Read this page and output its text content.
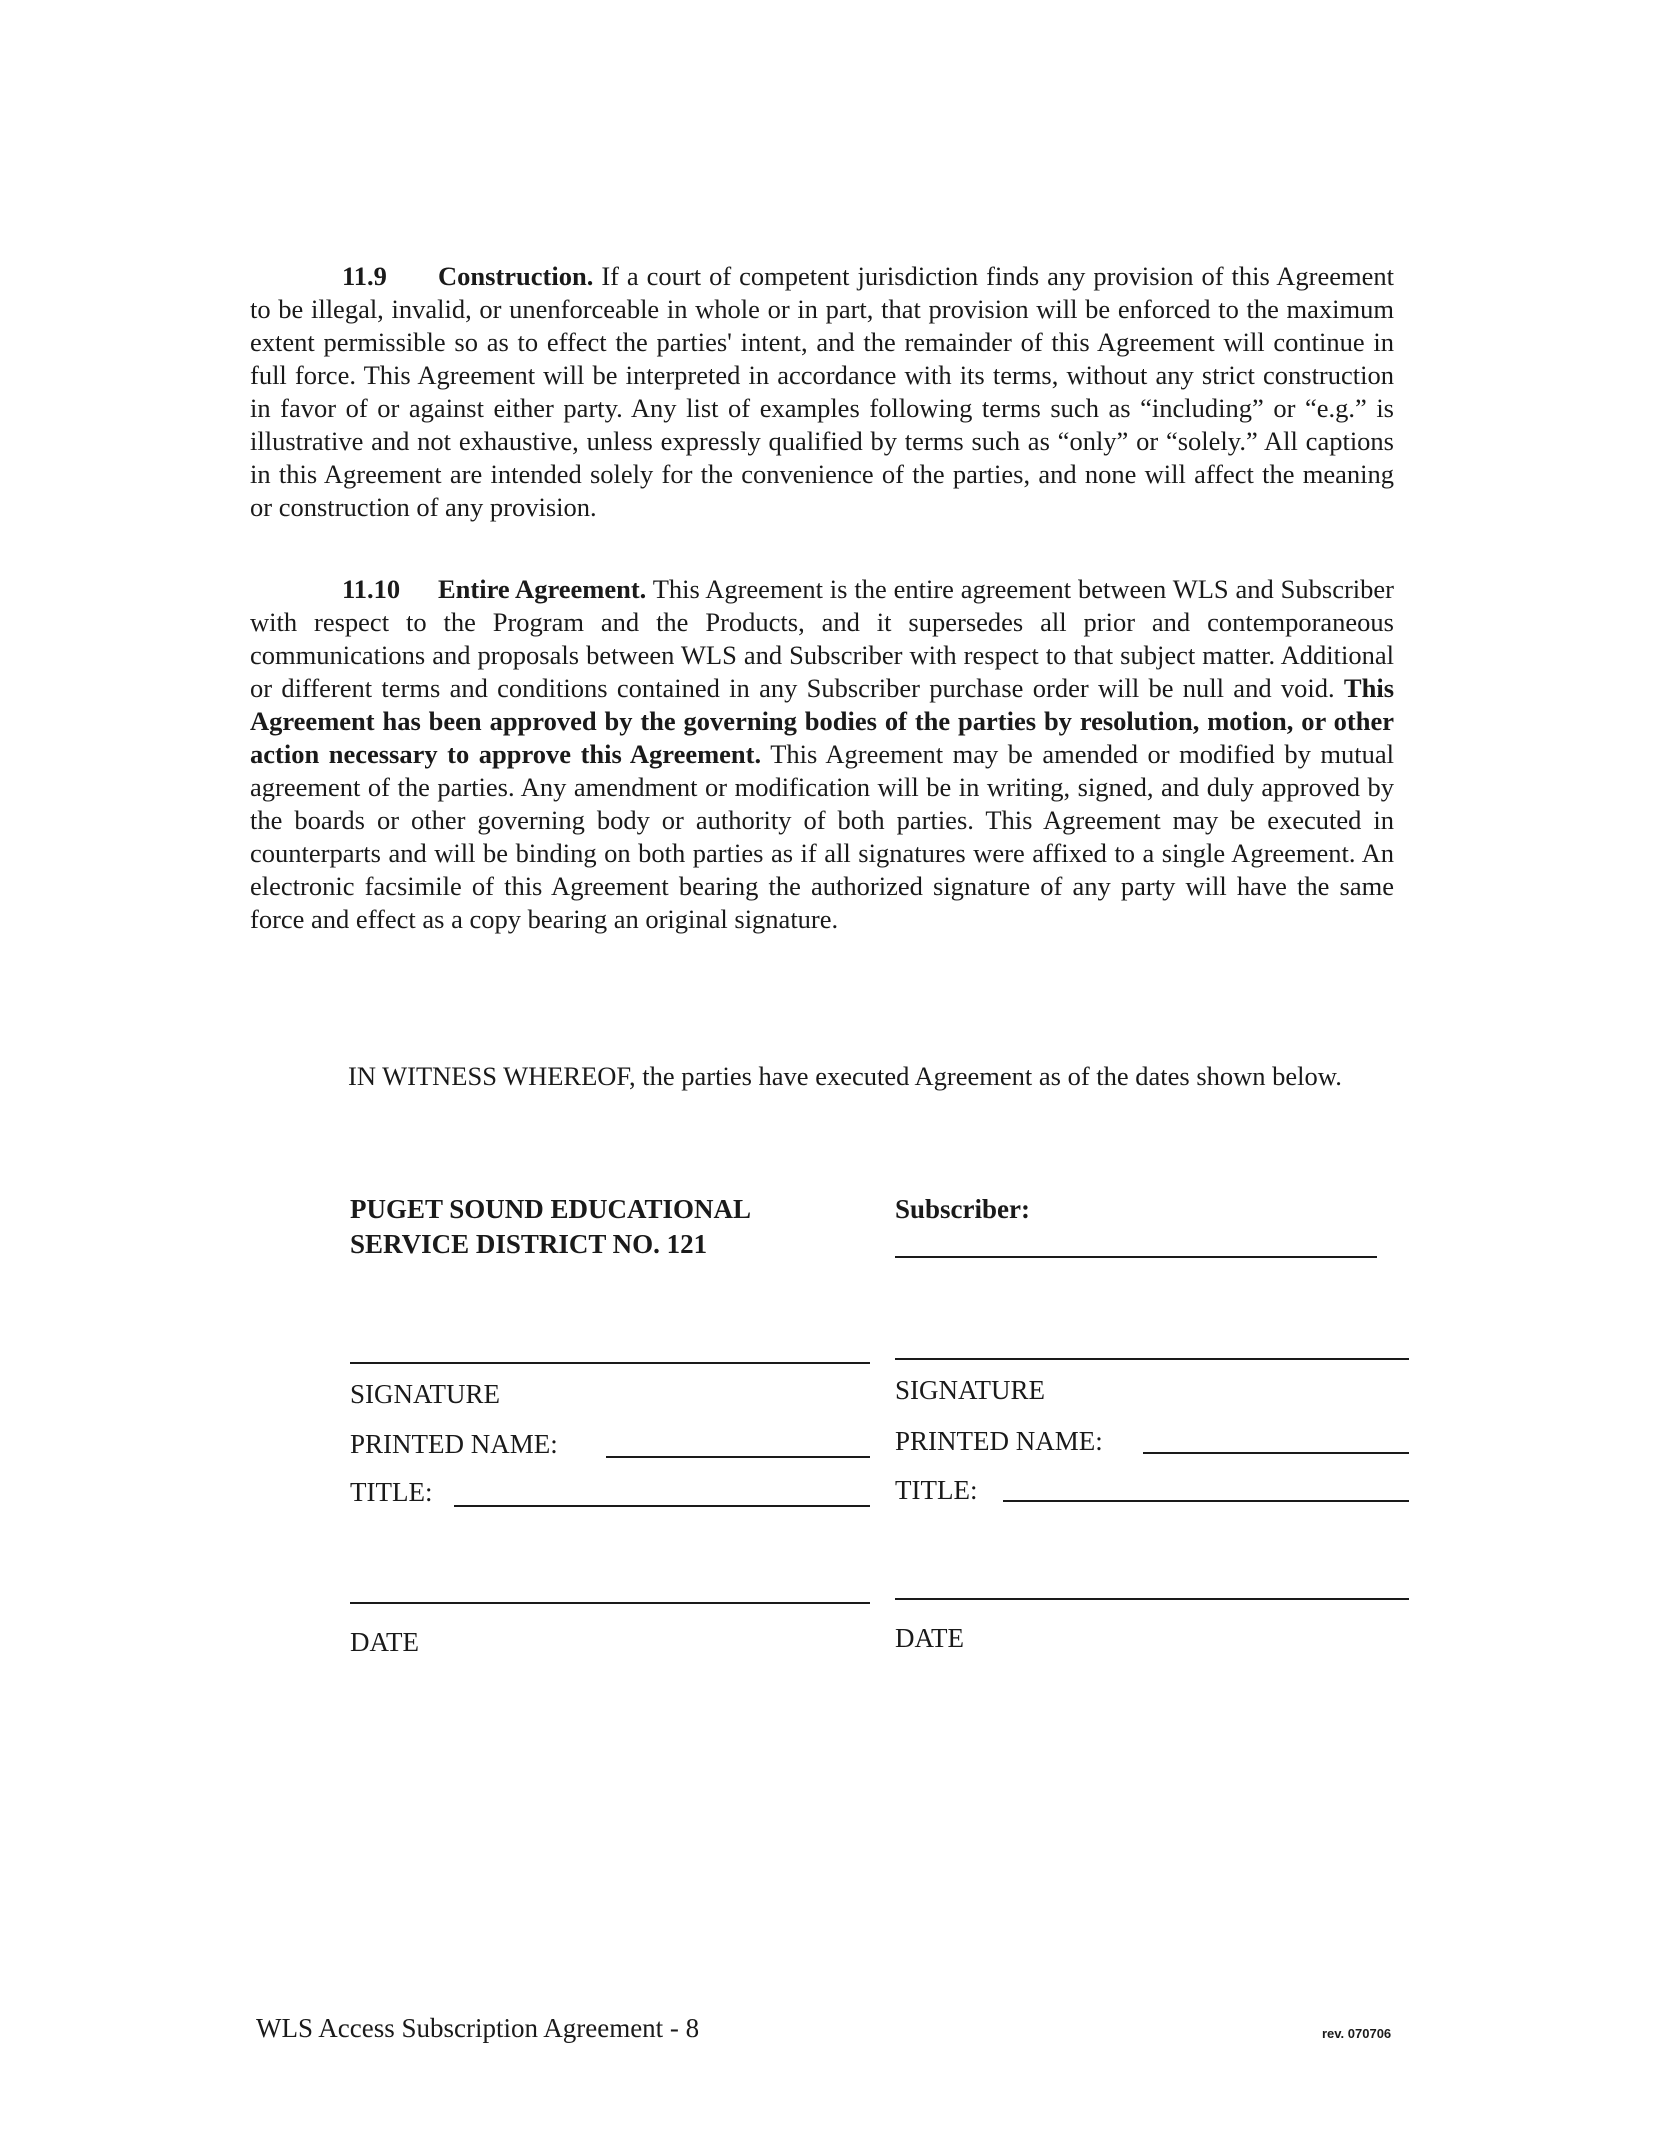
11.9 Construction. If a court of competent jurisdiction finds any provision of this Agreement to be illegal, invalid, or unenforceable in whole or in part, that provision will be enforced to the maximum extent permissible so as to effect the parties' intent, and the remainder of this Agreement will continue in full force. This Agreement will be interpreted in accordance with its terms, without any strict construction in favor of or against either party. Any list of examples following terms such as “including” or “e.g.” is illustrative and not exhaustive, unless expressly qualified by terms such as “only” or “solely.” All captions in this Agreement are intended solely for the convenience of the parties, and none will affect the meaning or construction of any provision.

11.10 Entire Agreement. This Agreement is the entire agreement between WLS and Subscriber with respect to the Program and the Products, and it supersedes all prior and contemporaneous communications and proposals between WLS and Subscriber with respect to that subject matter. Additional or different terms and conditions contained in any Subscriber purchase order will be null and void. This Agreement has been approved by the governing bodies of the parties by resolution, motion, or other action necessary to approve this Agreement. This Agreement may be amended or modified by mutual agreement of the parties. Any amendment or modification will be in writing, signed, and duly approved by the boards or other governing body or authority of both parties. This Agreement may be executed in counterparts and will be binding on both parties as if all signatures were affixed to a single Agreement. An electronic facsimile of this Agreement bearing the authorized signature of any party will have the same force and effect as a copy bearing an original signature.

IN WITNESS WHEREOF, the parties have executed Agreement as of the dates shown below.

PUGET SOUND EDUCATIONAL
SERVICE DISTRICT NO. 121
Subscriber:
SIGNATURE	SIGNATURE
PRINTED NAME:	PRINTED NAME:
TITLE:	TITLE:
DATE	DATE
WLS Access Subscription Agreement - 8	rev. 070706
